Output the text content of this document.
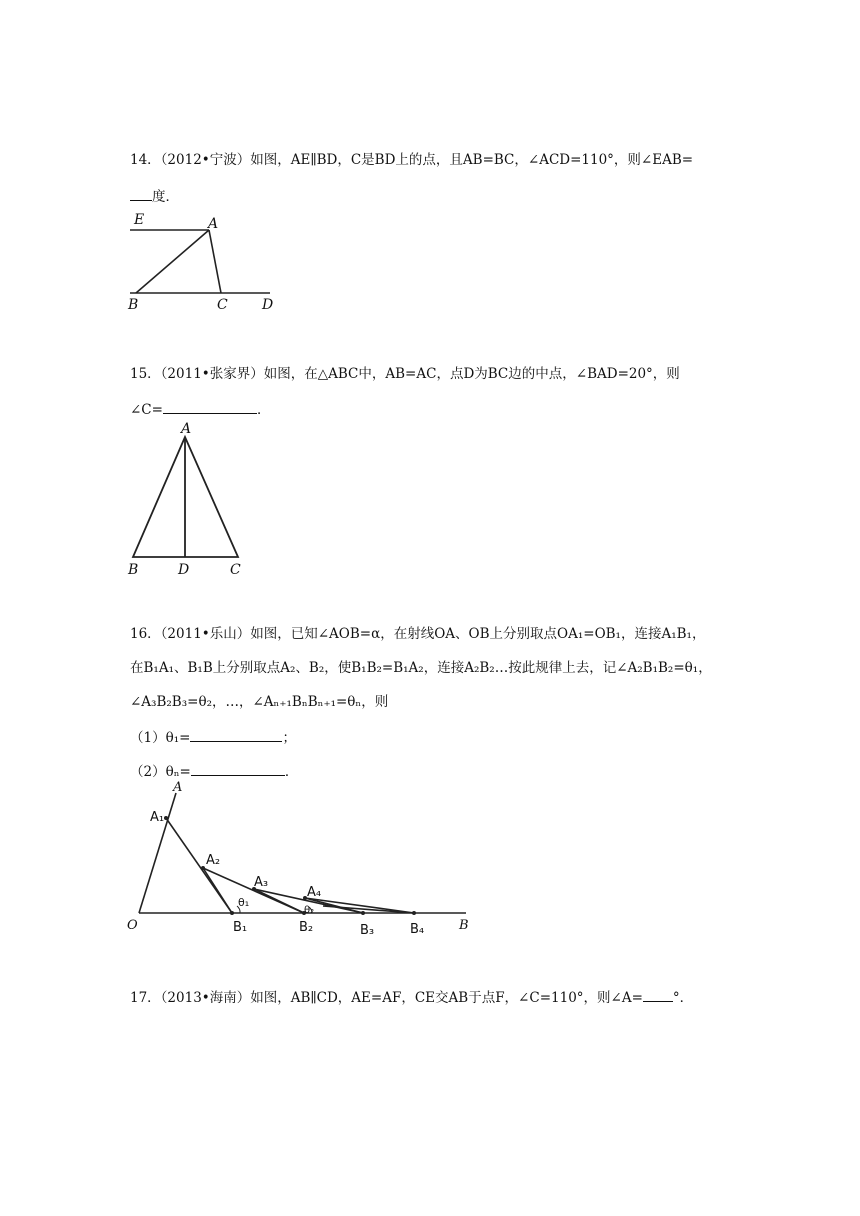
14．（2012•宁波）如图，AE∥BD，C是BD上的点，且AB=BC，∠ACD=110°，则∠EAB=
度．
E	A
B	C D
A
B	D	C
A
A₁
A₂
A₃
A₄
θ₁
θ₂
O	B₁	B₂	B₃	B₄	B
15．（2011•张家界）如图，在△ABC中，AB=AC，点D为BC边的中点，∠BAD=20°，则
∠C=	．
16．（2011•乐山）如图，已知∠AOB=α，在射线OA、OB上分别取点OA₁=OB₁，连接A₁B₁，
在B₁A₁、B₁B上分别取点A₂、B₂，使B₁B₂=B₁A₂，连接A₂B₂…按此规律上去，记∠A₂B₁B₂=θ₁，
∠A₃B₂B₃=θ₂，…，∠Aₙ₊₁BₙBₙ₊₁=θₙ，则
（1）θ₁=	；
（2）θₙ=	．
17．（2013•海南）如图，AB∥CD，AE=AF，CE交AB于点F，∠C=110°，则∠A= °．
